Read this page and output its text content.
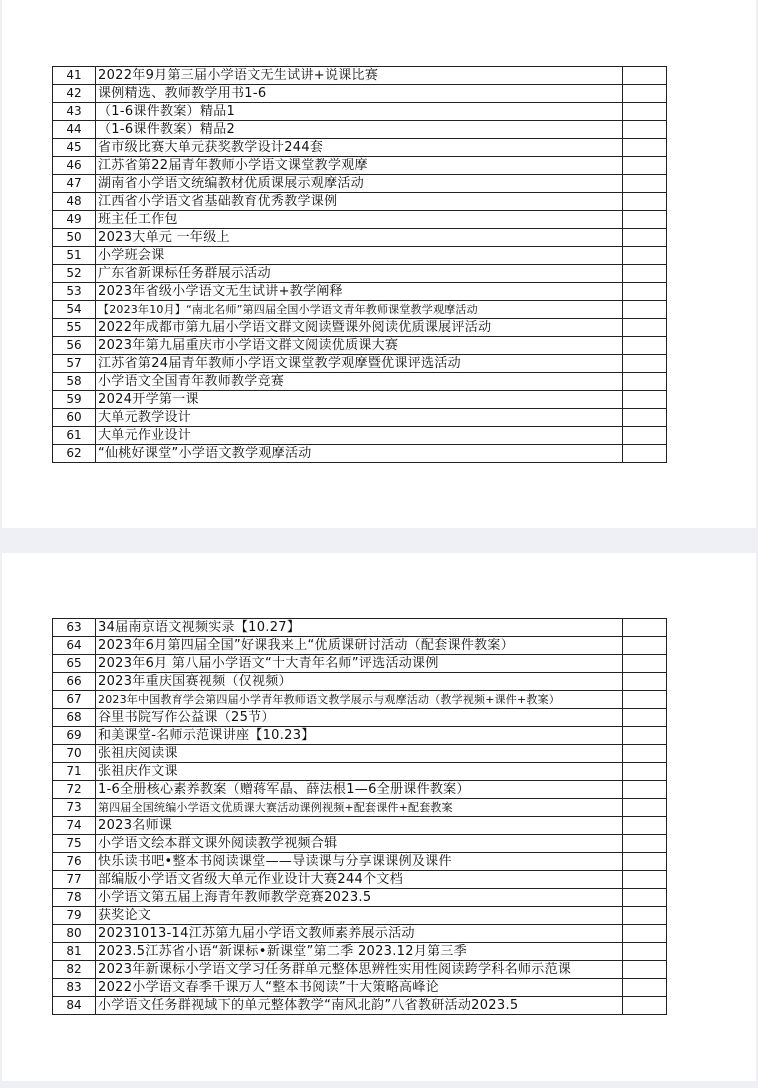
41	2022年9月第三届小学语文无生试讲+说课比赛	
42	课例精选、教师教学用书1-6	
43	（1-6课件教案）精品1	
44	（1-6课件教案）精品2	
45	省市级比赛大单元获奖教学设计244套	
46	江苏省第22届青年教师小学语文课堂教学观摩	
47	湖南省小学语文统编教材优质课展示观摩活动	
48	江西省小学语文省基础教育优秀教学课例	
49	班主任工作包	
50	2023大单元 一年级上	
51	小学班会课	
52	广东省新课标任务群展示活动	
53	2023年省级小学语文无生试讲+教学阐释	
54	【2023年10月】“南北名师”第四届全国小学语文青年教师课堂教学观摩活动	
55	2022年成都市第九届小学语文群文阅读暨课外阅读优质课展评活动	
56	2023年第九届重庆市小学语文群文阅读优质课大赛	
57	江苏省第24届青年教师小学语文课堂教学观摩暨优课评选活动	
58	小学语文全国青年教师教学竞赛	
59	2024开学第一课	
60	大单元教学设计	
61	大单元作业设计	
62	“仙桃好课堂”小学语文教学观摩活动	
63	34届南京语文视频实录【10.27】	
64	2023年6月第四届全国”好课我来上“优质课研讨活动（配套课件教案）	
65	2023年6月 第八届小学语文“十大青年名师”评选活动课例	
66	2023年重庆国赛视频（仅视频）	
67	2023年中国教育学会第四届小学青年教师语文教学展示与观摩活动（教学视频+课件+教案）	
68	谷里书院写作公益课（25节）	
69	和美课堂-名师示范课讲座【10.23】	
70	张祖庆阅读课	
71	张祖庆作文课	
72	1-6全册核心素养教案（赠蒋军晶、薛法根1—6全册课件教案）	
73	第四届全国统编小学语文优质课大赛活动课例视频+配套课件+配套教案	
74	2023名师课	
75	小学语文绘本群文课外阅读教学视频合辑	
76	快乐读书吧•整本书阅读课堂——导读课与分享课课例及课件	
77	部编版小学语文省级大单元作业设计大赛244个文档	
78	小学语文第五届上海青年教师教学竞赛2023.5	
79	获奖论文	
80	20231013-14江苏第九届小学语文教师素养展示活动	
81	2023.5江苏省小语“新课标•新课堂”第二季 2023.12月第三季	
82	2023年新课标小学语文学习任务群单元整体思辨性实用性阅读跨学科名师示范课	
83	2022小学语文春季千课万人“整本书阅读”十大策略高峰论	
84	小学语文任务群视域下的单元整体教学“南风北韵”八省教研活动2023.5	
